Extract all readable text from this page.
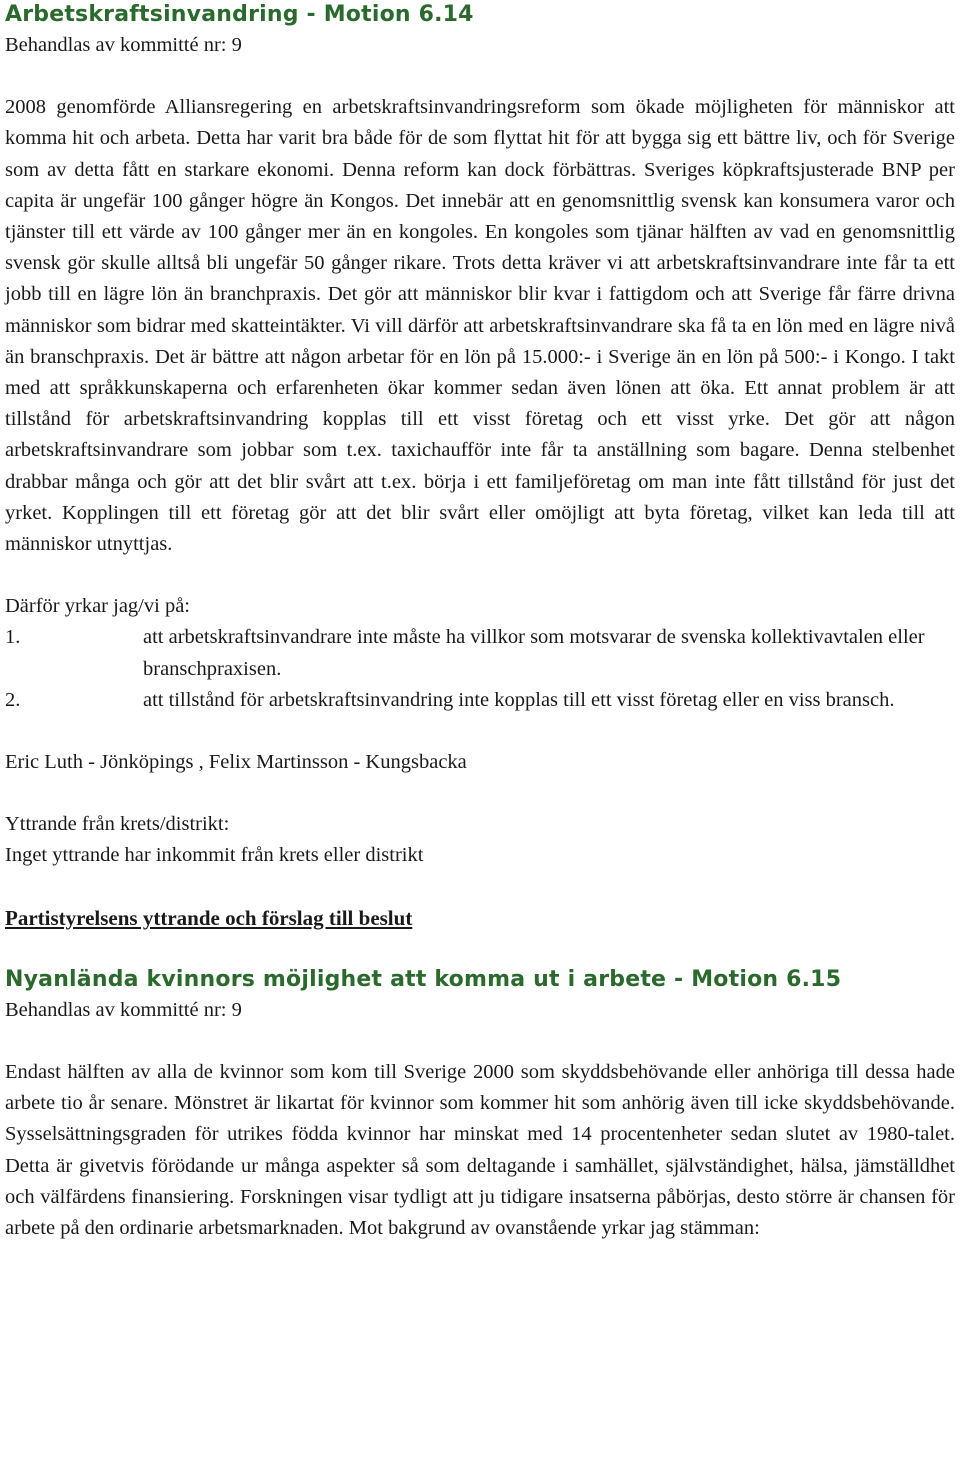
Arbetskraftsinvandring - Motion 6.14

Behandlas av kommitté nr: 9

2008 genomförde Alliansregering en arbetskraftsinvandringsreform som ökade möjligheten för människor att komma hit och arbeta. Detta har varit bra både för de som flyttat hit för att bygga sig ett bättre liv, och för Sverige som av detta fått en starkare ekonomi. Denna reform kan dock förbättras. Sveriges köpkraftsjusterade BNP per capita är ungefär 100 gånger högre än Kongos. Det innebär att en genomsnittlig svensk kan konsumera varor och tjänster till ett värde av 100 gånger mer än en kongoles. En kongoles som tjänar hälften av vad en genomsnittlig svensk gör skulle alltså bli ungefär 50 gånger rikare. Trots detta kräver vi att arbetskraftsinvandrare inte får ta ett jobb till en lägre lön än branchpraxis. Det gör att människor blir kvar i fattigdom och att Sverige får färre drivna människor som bidrar med skatteintäkter. Vi vill därför att arbetskraftsinvandrare ska få ta en lön med en lägre nivå än branschpraxis. Det är bättre att någon arbetar för en lön på 15.000:- i Sverige än en lön på 500:- i Kongo. I takt med att språkkunskaperna och erfarenheten ökar kommer sedan även lönen att öka. Ett annat problem är att tillstånd för arbetskraftsinvandring kopplas till ett visst företag och ett visst yrke. Det gör att någon arbetskraftsinvandrare som jobbar som t.ex. taxichaufför inte får ta anställning som bagare. Denna stelbenhet drabbar många och gör att det blir svårt att t.ex. börja i ett familjeföretag om man inte fått tillstånd för just det yrket. Kopplingen till ett företag gör att det blir svårt eller omöjligt att byta företag, vilket kan leda till att människor utnyttjas.

Därför yrkar jag/vi på:

1.	att arbetskraftsinvandrare inte måste ha villkor som motsvarar de svenska kollektivavtalen eller branschpraxisen.
2.	att tillstånd för arbetskraftsinvandring inte kopplas till ett visst företag eller en viss bransch.

Eric Luth - Jönköpings , Felix Martinsson - Kungsbacka

Yttrande från krets/distrikt:

Inget yttrande har inkommit från krets eller distrikt

Partistyrelsens yttrande och förslag till beslut

Nyanlända kvinnors möjlighet att komma ut i arbete - Motion 6.15

Behandlas av kommitté nr: 9

Endast hälften av alla de kvinnor som kom till Sverige 2000 som skyddsbehövande eller anhöriga till dessa hade arbete tio år senare. Mönstret är likartat för kvinnor som kommer hit som anhörig även till icke skyddsbehövande. Sysselsättningsgraden för utrikes födda kvinnor har minskat med 14 procentenheter sedan slutet av 1980-talet. Detta är givetvis förödande ur många aspekter så som deltagande i samhället, självständighet, hälsa, jämställdhet och välfärdens finansiering. Forskningen visar tydligt att ju tidigare insatserna påbörjas, desto större är chansen för arbete på den ordinarie arbetsmarknaden. Mot bakgrund av ovanstående yrkar jag stämman:
